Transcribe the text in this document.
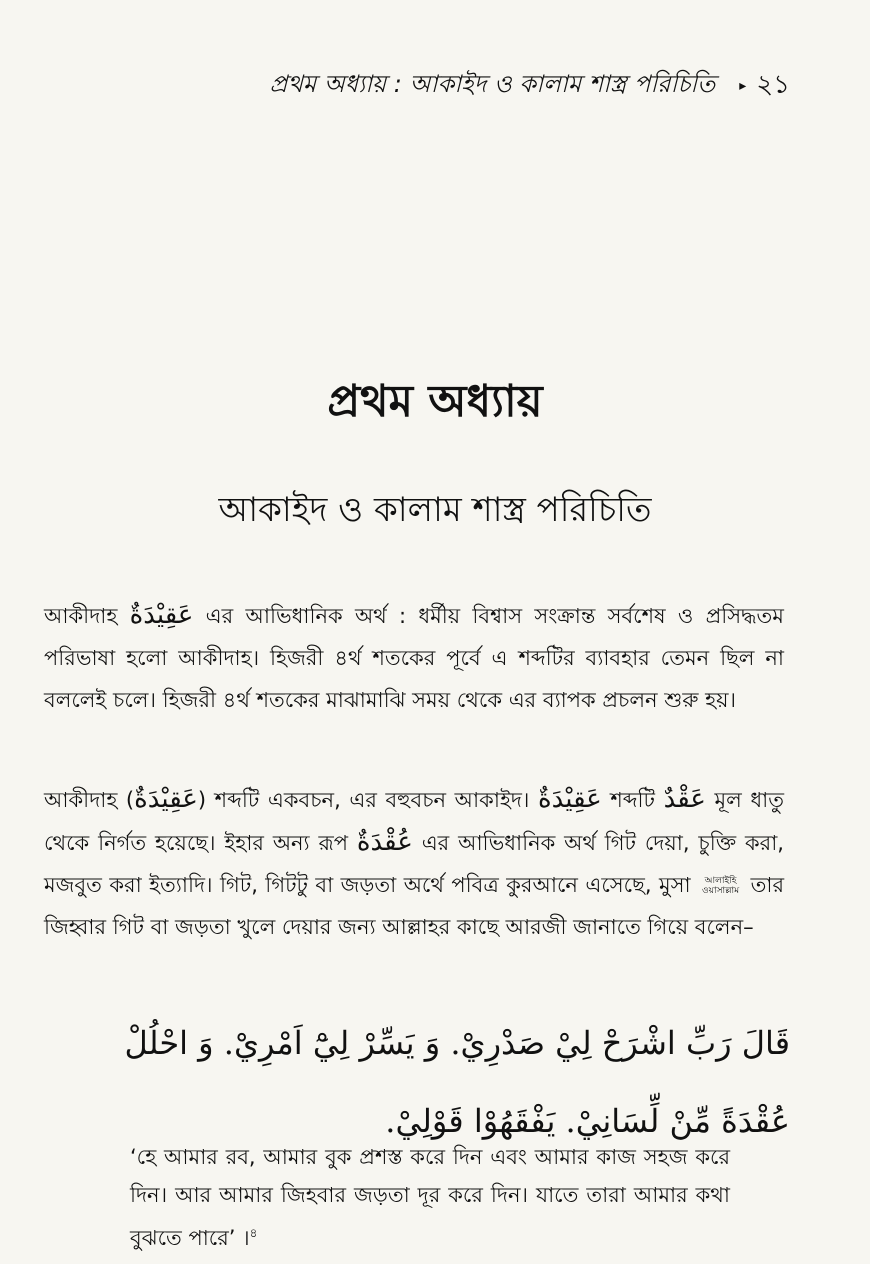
প্রথম অধ্যায় : আকাইদ ও কালাম শাস্ত্র পরিচিতি ▸ ২১
প্রথম অধ্যায়
আকাইদ ও কালাম শাস্ত্র পরিচিতি
আকীদাহ عَقِيْدَةٌ এর আভিধানিক অর্থ : ধর্মীয় বিশ্বাস সংক্রান্ত সর্বশেষ ও প্রসিদ্ধতম পরিভাষা হলো আকীদাহ। হিজরী ৪র্থ শতকের পূর্বে এ শব্দটির ব্যাবহার তেমন ছিল না বললেই চলে। হিজরী ৪র্থ শতকের মাঝামাঝি সময় থেকে এর ব্যাপক প্রচলন শুরু হয়।
আকীদাহ (عَقِيْدَةٌ) শব্দটি একবচন, এর বহুবচন আকাইদ। عَقِيْدَةٌ শব্দটি عَقْدٌ মূল ধাতু থেকে নির্গত হয়েছে। ইহার অন্য রূপ عُقْدَةٌ এর আভিধানিক অর্থ গিট দেয়া, চুক্তি করা, মজবুত করা ইত্যাদি। গিট, গিটটু বা জড়তা অর্থে পবিত্র কুরআনে এসেছে, মুসা আলাইহি
ওয়াসাল্লাম তার জিহ্বার গিট বা জড়তা খুলে দেয়ার জন্য আল্লাহর কাছে আরজী জানাতে গিয়ে বলেন–
قَالَ رَبِّ اشْرَحْ لِيْ صَدْرِيْ. وَ يَسِّرْ لِيْٓ اَمْرِيْ. وَ احْلُلْ عُقْدَةً مِّنْ لِّسَانِيْ. يَفْقَهُوْا قَوْلِيْ.
‘হে আমার রব, আমার বুক প্রশস্ত করে দিন এবং আমার কাজ সহজ করে দিন। আর আমার জিহবার জড়তা দূর করে দিন। যাতে তারা আমার কথা বুঝতে পারে’ ।$^৪$
